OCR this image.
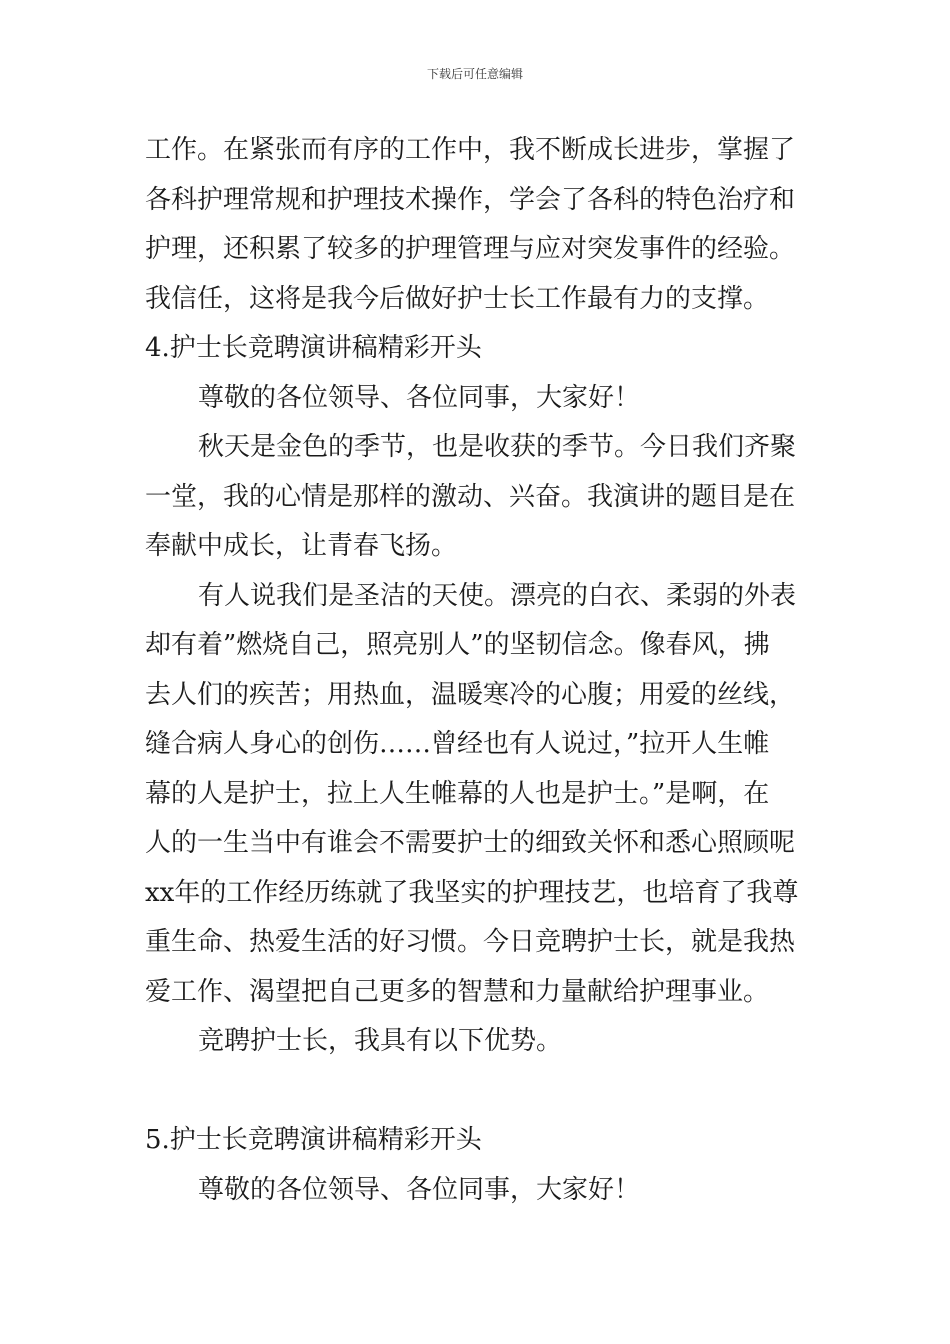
下载后可任意编辑
工作。在紧张而有序的工作中，我不断成长进步，掌握了
各科护理常规和护理技术操作，学会了各科的特色治疗和
护理，还积累了较多的护理管理与应对突发事件的经验。
我信任，这将是我今后做好护士长工作最有力的支撑。
4.护士长竞聘演讲稿精彩开头
尊敬的各位领导、各位同事，大家好！
秋天是金色的季节，也是收获的季节。今日我们齐聚
一堂，我的心情是那样的激动、兴奋。我演讲的题目是在
奉献中成长，让青春飞扬。
有人说我们是圣洁的天使。漂亮的白衣、柔弱的外表
却有着”燃烧自己，照亮别人”的坚韧信念。像春风，拂
去人们的疾苦；用热血，温暖寒冷的心腹；用爱的丝线，
缝合病人身心的创伤……曾经也有人说过，”拉开人生帷
幕的人是护士，拉上人生帷幕的人也是护士。”是啊，在
人的一生当中有谁会不需要护士的细致关怀和悉心照顾呢
xx年的工作经历练就了我坚实的护理技艺，也培育了我尊
重生命、热爱生活的好习惯。今日竞聘护士长，就是我热
爱工作、渴望把自己更多的智慧和力量献给护理事业。
竞聘护士长，我具有以下优势。
5.护士长竞聘演讲稿精彩开头
尊敬的各位领导、各位同事，大家好！
